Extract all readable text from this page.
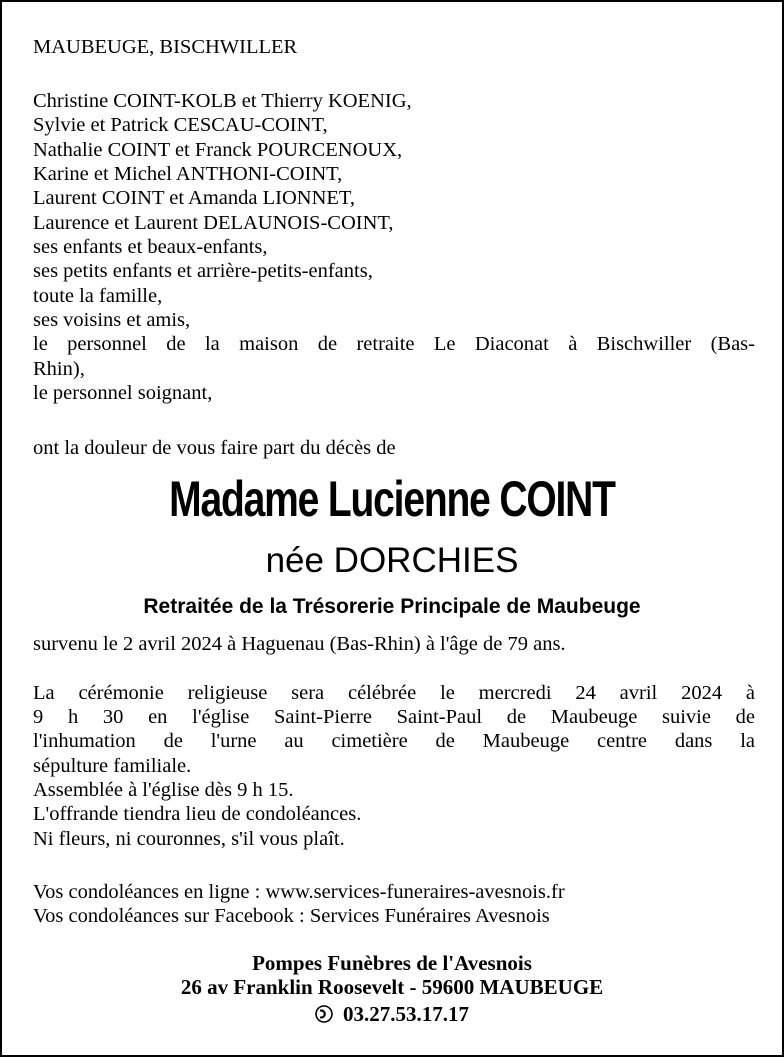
MAUBEUGE, BISCHWILLER
Christine COINT-KOLB et Thierry KOENIG,
Sylvie et Patrick CESCAU-COINT,
Nathalie COINT et Franck POURCENOUX,
Karine et Michel ANTHONI-COINT,
Laurent COINT et Amanda LIONNET,
Laurence et Laurent DELAUNOIS-COINT,
ses enfants et beaux-enfants,
ses petits enfants et arrière-petits-enfants,
toute la famille,
ses voisins et amis,
le personnel de la maison de retraite Le Diaconat à Bischwiller (Bas-
Rhin),
le personnel soignant,
ont la douleur de vous faire part du décès de
Madame Lucienne COINT
née DORCHIES
Retraitée de la Trésorerie Principale de Maubeuge
survenu le 2 avril 2024 à Haguenau (Bas-Rhin) à l'âge de 79 ans.
La cérémonie religieuse sera célébrée le mercredi 24 avril 2024 à
9 h 30 en l'église Saint-Pierre Saint-Paul de Maubeuge suivie de
l'inhumation de l'urne au cimetière de Maubeuge centre dans la
sépulture familiale.
Assemblée à l'église dès 9 h 15.
L'offrande tiendra lieu de condoléances.
Ni fleurs, ni couronnes, s'il vous plaît.
Vos condoléances en ligne : www.services-funeraires-avesnois.fr
Vos condoléances sur Facebook : Services Funéraires Avesnois
Pompes Funèbres de l'Avesnois
26 av Franklin Roosevelt - 59600 MAUBEUGE
03.27.53.17.17
